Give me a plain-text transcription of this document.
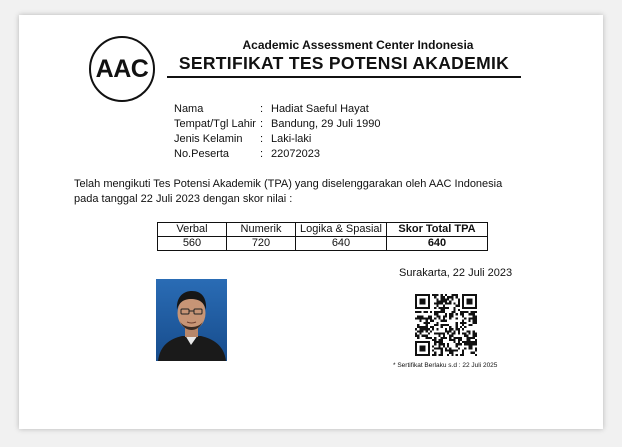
AAC
Academic Assessment Center Indonesia
SERTIFIKAT TES POTENSI AKADEMIK
Nama	: Hadiat Saeful Hayat
Tempat/Tgl Lahir : Bandung, 29 Juli 1990
Jenis Kelamin	: Laki-laki
No.Peserta	: 22072023
Telah mengikuti Tes Potensi Akademik (TPA) yang diselenggarakan oleh AAC Indonesia
pada tanggal 22 Juli 2023 dengan skor nilai :
Verbal	Numerik	Logika & Spasial	Skor Total TPA
560	720	640	640
Surakarta, 22 Juli 2023
* Sertifikat Berlaku s.d : 22 Juli 2025
